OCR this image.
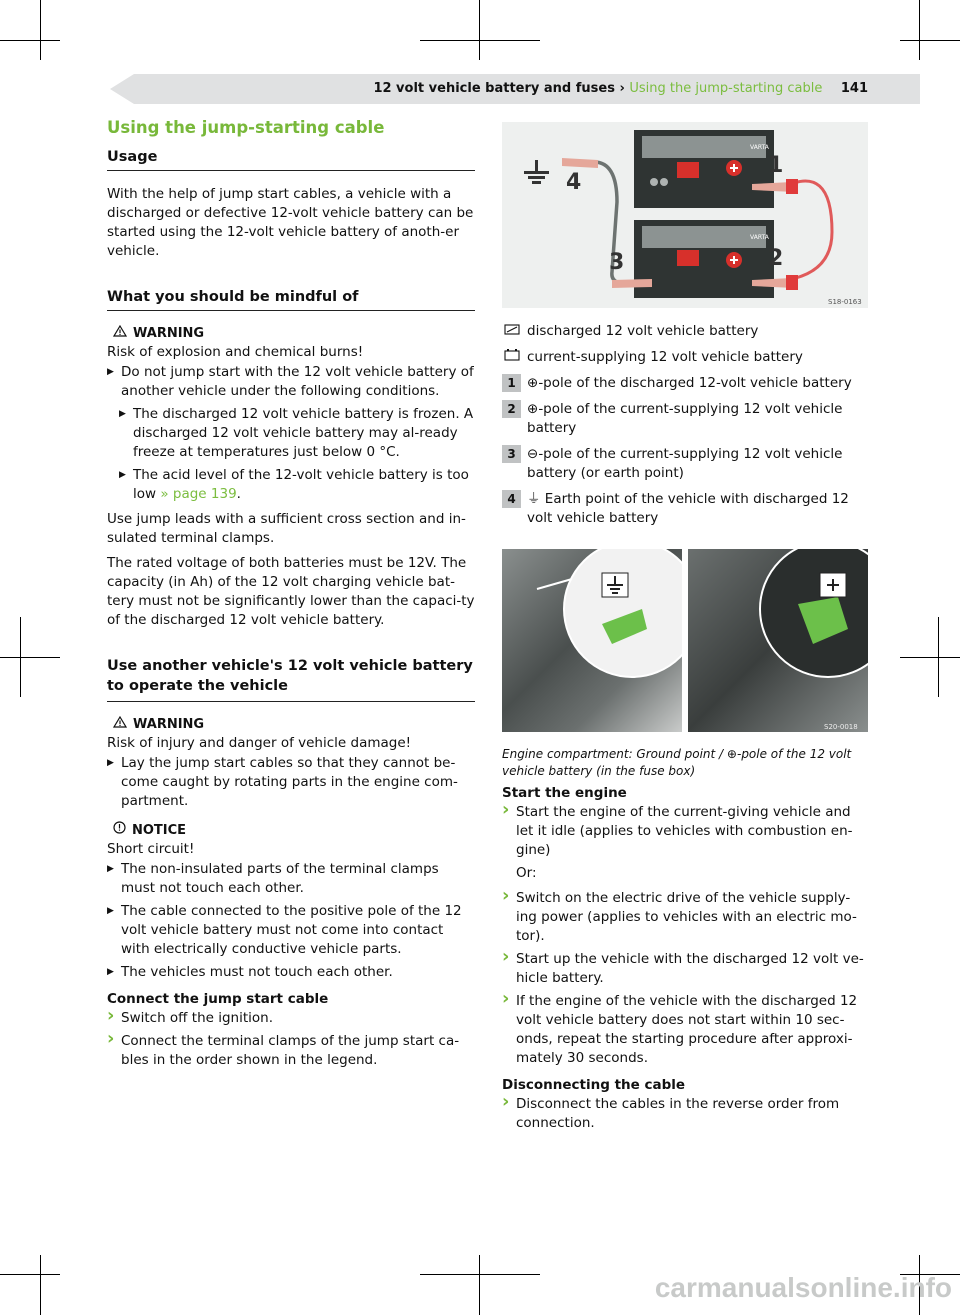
12 volt vehicle battery and fuses › Using the jump-starting cable 141
Using the jump-starting cable
Usage

With the help of jump start cables, a vehicle with a discharged or defective 12-volt vehicle battery can be started using the 12-volt vehicle battery of anoth-er vehicle.

What you should be mindful of
WARNING

Risk of explosion and chemical burns!

▶ Do not jump start with the 12 volt vehicle battery of another vehicle under the following conditions.
▶ The discharged 12 volt vehicle battery is frozen. A discharged 12 volt vehicle battery may al-ready freeze at temperatures just below 0 °C.
▶ The acid level of the 12-volt vehicle battery is too low » page 139.

Use jump leads with a sufficient cross section and in-sulated terminal clamps.

The rated voltage of both batteries must be 12V. The capacity (in Ah) of the 12 volt charging vehicle bat-tery must not be significantly lower than the capaci-ty of the discharged 12 volt vehicle battery.

Use another vehicle's 12 volt vehicle battery to operate the vehicle
WARNING

Risk of injury and danger of vehicle damage!

▶ Lay the jump start cables so that they cannot be-come caught by rotating parts in the engine com-partment.
NOTICE

Short circuit!

▶ The non-insulated parts of the terminal clamps must not touch each other.
▶ The cable connected to the positive pole of the 12 volt vehicle battery must not come into contact with electrically conductive vehicle parts.
▶ The vehicles must not touch each other.
Connect the jump start cable
› Switch off the ignition.
› Connect the terminal clamps of the jump start ca-bles in the order shown in the legend.
VARTA
VARTA
1
2
3
4
S18-0163
discharged 12 volt vehicle battery
current-supplying 12 volt vehicle battery
1 ⊕-pole of the discharged 12-volt vehicle battery
2 ⊕-pole of the current-supplying 12 volt vehicle battery
3 ⊖-pole of the current-supplying 12 volt vehicle battery (or earth point)
4 ⏚ Earth point of the vehicle with discharged 12 volt vehicle battery
S20-0018
Engine compartment: Ground point / ⊕-pole of the 12 volt vehicle battery (in the fuse box)
Start the engine
› Start the engine of the current-giving vehicle and let it idle (applies to vehicles with combustion en-gine)

Or:

› Switch on the electric drive of the vehicle supply-ing power (applies to vehicles with an electric mo-tor).
› Start up the vehicle with the discharged 12 volt ve-hicle battery.
› If the engine of the vehicle with the discharged 12 volt vehicle battery does not start within 10 sec-onds, repeat the starting procedure after approxi-mately 30 seconds.
Disconnecting the cable
› Disconnect the cables in the reverse order from connection.
carmanualsonline.info
